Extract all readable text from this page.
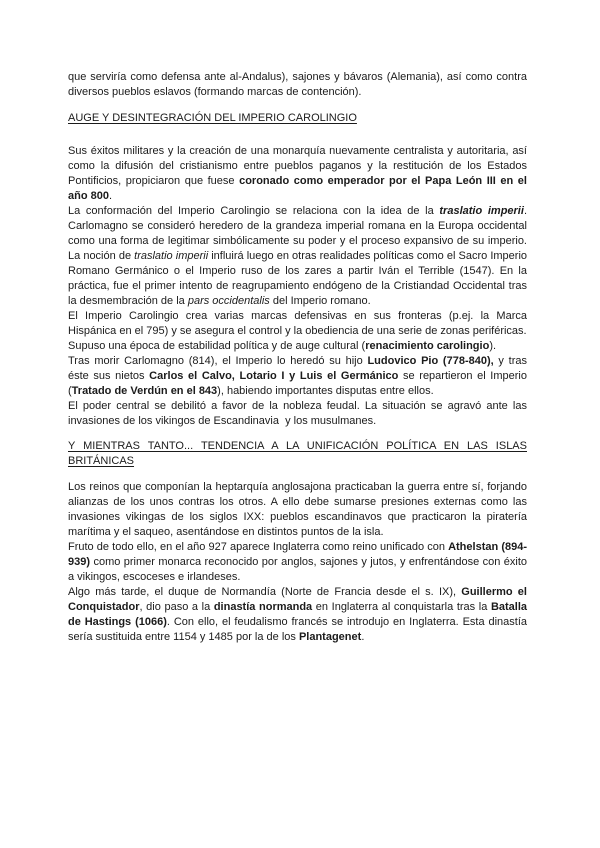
que serviría como defensa ante al-Andalus), sajones y bávaros (Alemania), así como contra diversos pueblos eslavos (formando marcas de contención).

AUGE Y DESINTEGRACIÓN DEL IMPERIO CAROLINGIO

Sus éxitos militares y la creación de una monarquía nuevamente centralista y autoritaria, así como la difusión del cristianismo entre pueblos paganos y la restitución de los Estados Pontificios, propiciaron que fuese coronado como emperador por el Papa León III en el año 800.

La conformación del Imperio Carolingio se relaciona con la idea de la traslatio imperii. Carlomagno se consideró heredero de la grandeza imperial romana en la Europa occidental como una forma de legitimar simbólicamente su poder y el proceso expansivo de su imperio. La noción de traslatio imperii influirá luego en otras realidades políticas como el Sacro Imperio Romano Germánico o el Imperio ruso de los zares a partir Iván el Terrible (1547). En la práctica, fue el primer intento de reagrupamiento endógeno de la Cristiandad Occidental tras la desmembración de la pars occidentalis del Imperio romano.

El Imperio Carolingio crea varias marcas defensivas en sus fronteras (p.ej. la Marca Hispánica en el 795) y se asegura el control y la obediencia de una serie de zonas periféricas.

Supuso una época de estabilidad política y de auge cultural (renacimiento carolingio).

Tras morir Carlomagno (814), el Imperio lo heredó su hijo Ludovico Pio (778-840), y tras éste sus nietos Carlos el Calvo, Lotario I y Luis el Germánico se repartieron el Imperio (Tratado de Verdún en el 843), habiendo importantes disputas entre ellos.

El poder central se debilitó a favor de la nobleza feudal. La situación se agravó ante las invasiones de los vikingos de Escandinavia  y los musulmanes.

Y MIENTRAS TANTO... TENDENCIA A LA UNIFICACIÓN POLÍTICA EN LAS ISLAS
BRITÁNICAS

Los reinos que componían la heptarquía anglosajona practicaban la guerra entre sí, forjando alianzas de los unos contras los otros. A ello debe sumarse presiones externas como las invasiones vikingas de los siglos IXX: pueblos escandinavos que practicaron la piratería marítima y el saqueo, asentándose en distintos puntos de la isla.

Fruto de todo ello, en el año 927 aparece Inglaterra como reino unificado con Athelstan (894-939) como primer monarca reconocido por anglos, sajones y jutos, y enfrentándose con éxito a vikingos, escoceses e irlandeses.

Algo más tarde, el duque de Normandía (Norte de Francia desde el s. IX), Guillermo el Conquistador, dio paso a la dinastía normanda en Inglaterra al conquistarla tras la Batalla de Hastings (1066). Con ello, el feudalismo francés se introdujo en Inglaterra. Esta dinastía sería sustituida entre 1154 y 1485 por la de los Plantagenet.
